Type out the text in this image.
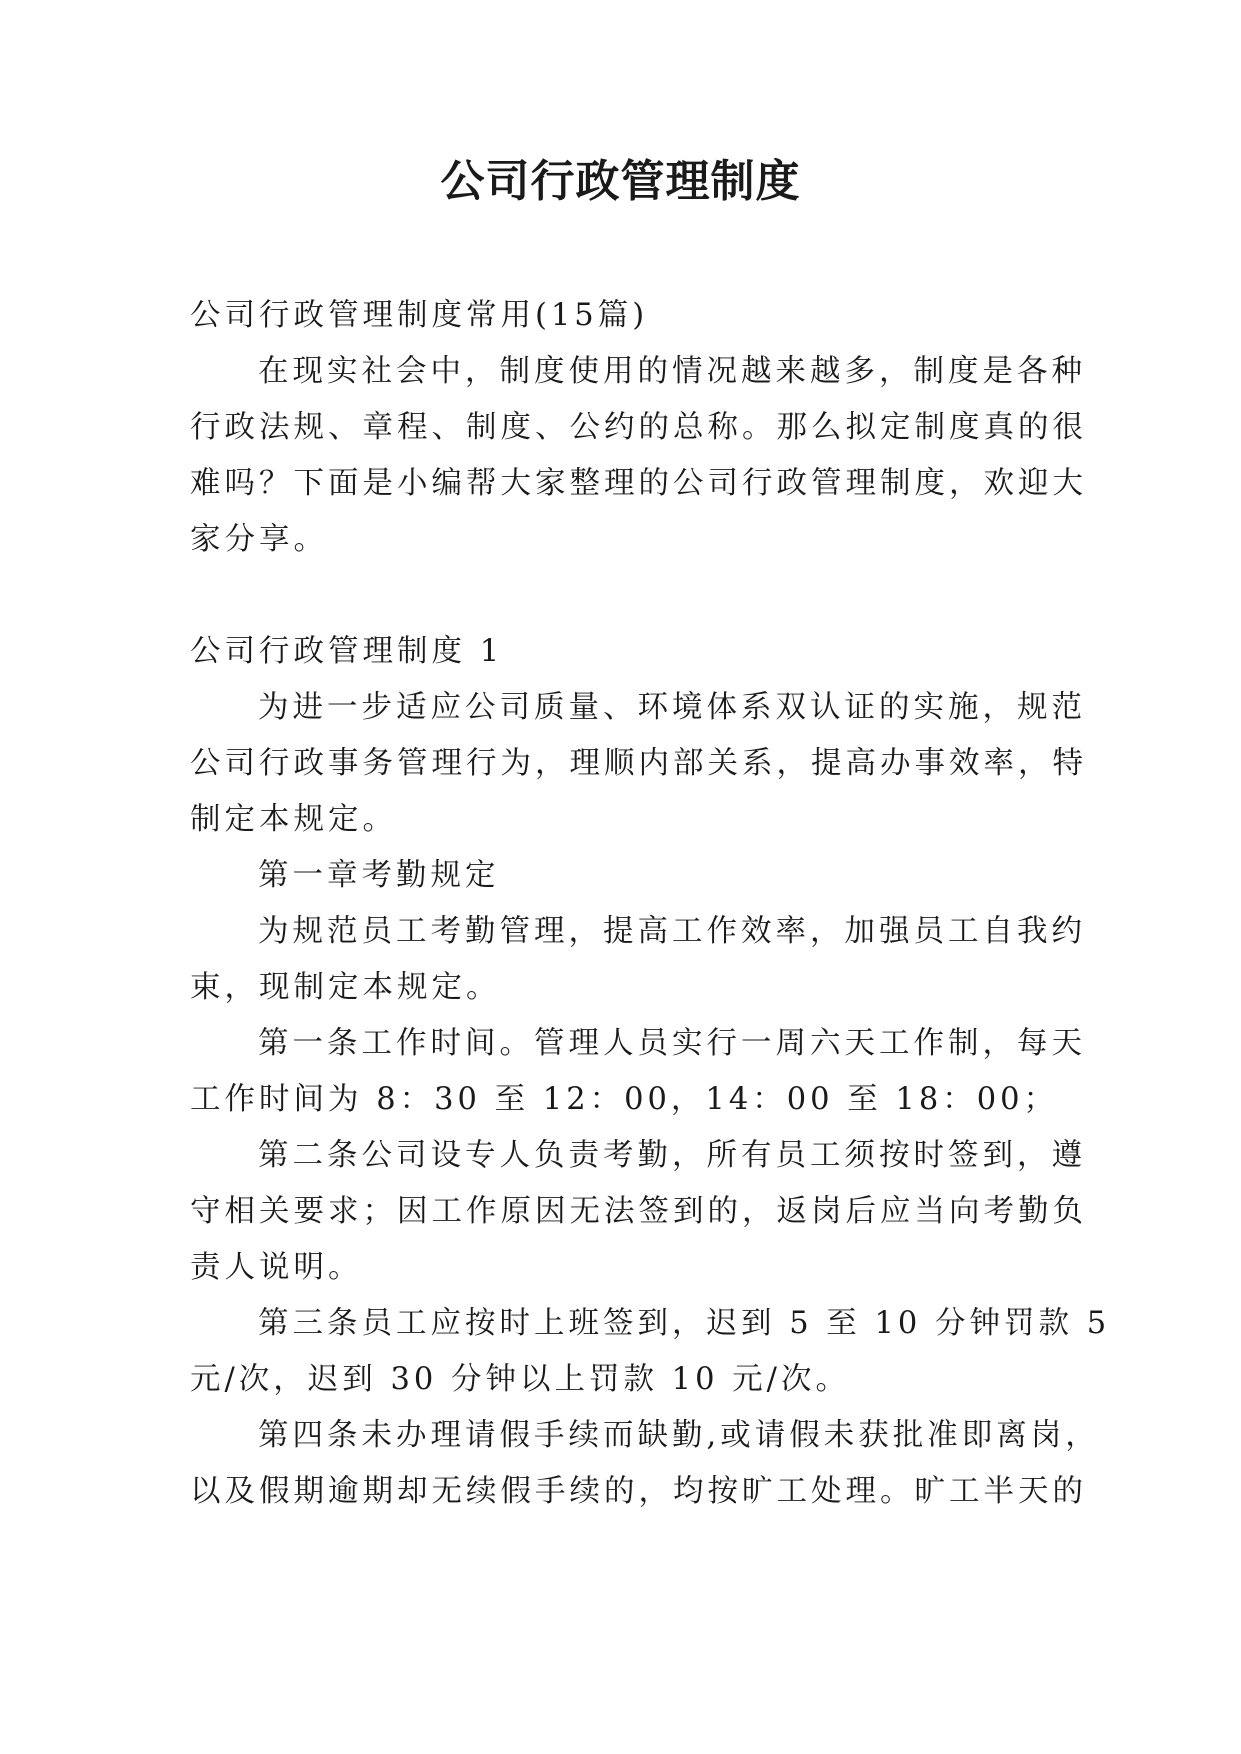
公司行政管理制度

公司行政管理制度常用(15篇)

在现实社会中，制度使用的情况越来越多，制度是各种

行政法规、章程、制度、公约的总称。那么拟定制度真的很

难吗？下面是小编帮大家整理的公司行政管理制度，欢迎大

家分享。

公司行政管理制度 1

为进一步适应公司质量、环境体系双认证的实施，规范

公司行政事务管理行为，理顺内部关系，提高办事效率，特

制定本规定。

第一章考勤规定

为规范员工考勤管理，提高工作效率，加强员工自我约

束，现制定本规定。

第一条工作时间。管理人员实行一周六天工作制，每天

工作时间为 8：30 至 12：00，14：00 至 18：00；

第二条公司设专人负责考勤，所有员工须按时签到，遵

守相关要求；因工作原因无法签到的，返岗后应当向考勤负

责人说明。

第三条员工应按时上班签到，迟到 5 至 10 分钟罚款 5

元/次，迟到 30 分钟以上罚款 10 元/次。

第四条未办理请假手续而缺勤,或请假未获批准即离岗，

以及假期逾期却无续假手续的，均按旷工处理。旷工半天的
